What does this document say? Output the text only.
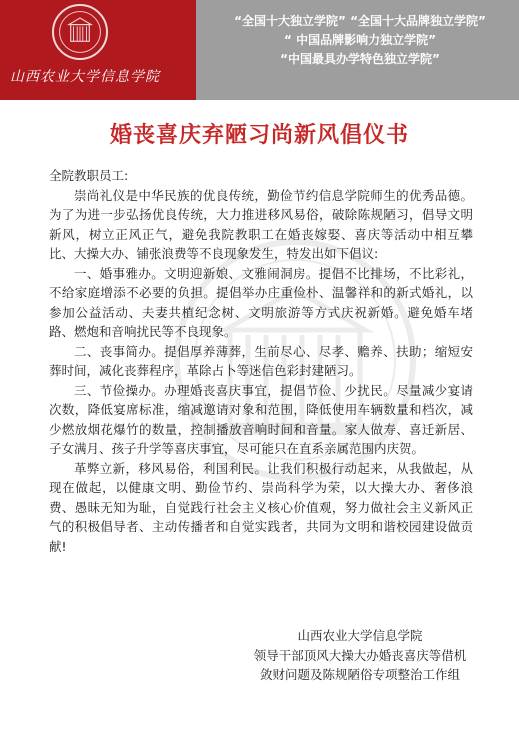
山西农业大学信息学院
“全国十大独立学院” “全国十大品牌独立学院”
“ 中国品牌影响力独立学院”
“中国最具办学特色独立学院”
婚丧喜庆弃陋习尚新风倡仪书

全院教职员工:

崇尚礼仪是中华民族的优良传统，勤俭节约信息学院师生的优秀品德。为了为进一步弘扬优良传统，大力推进移风易俗，破除陈规陋习，倡导文明新风，树立正风正气，避免我院教职工在婚丧嫁娶、喜庆等活动中相互攀比、大操大办、铺张浪费等不良现象发生，特发出如下倡议:

一、婚事雅办。文明迎新娘、文雅闹洞房。提倡不比排场，不比彩礼，不给家庭增添不必要的负担。提倡举办庄重俭朴、温馨祥和的新式婚礼，以参加公益活动、夫妻共植纪念树、文明旅游等方式庆祝新婚。避免婚车堵路、燃炮和音响扰民等不良现象。

二、丧事简办。提倡厚养薄葬，生前尽心、尽孝、赡养、扶助；缩短安葬时间，减化丧葬程序，革除占卜等迷信色彩封建陋习。

三、节俭操办。办理婚丧喜庆事宜，提倡节俭、少扰民。尽量减少宴请次数，降低宴席标准，缩减邀请对象和范围，降低使用车辆数量和档次，减少燃放烟花爆竹的数量，控制播放音响时间和音量。家人做寿、喜迁新居、子女满月、孩子升学等喜庆事宜，尽可能只在直系亲属范围内庆贺。

革弊立新，移风易俗，利国利民。让我们积极行动起来，从我做起，从现在做起，以健康文明、勤俭节约、崇尚科学为荣，以大操大办、奢侈浪费、愚昧无知为耻，自觉践行社会主义核心价值观，努力做社会主义新风正气的积极倡导者、主动传播者和自觉实践者，共同为文明和谐校园建设做贡献!

山西农业大学信息学院
领导干部顶风大操大办婚丧喜庆等借机
敛财问题及陈规陋俗专项整治工作组
